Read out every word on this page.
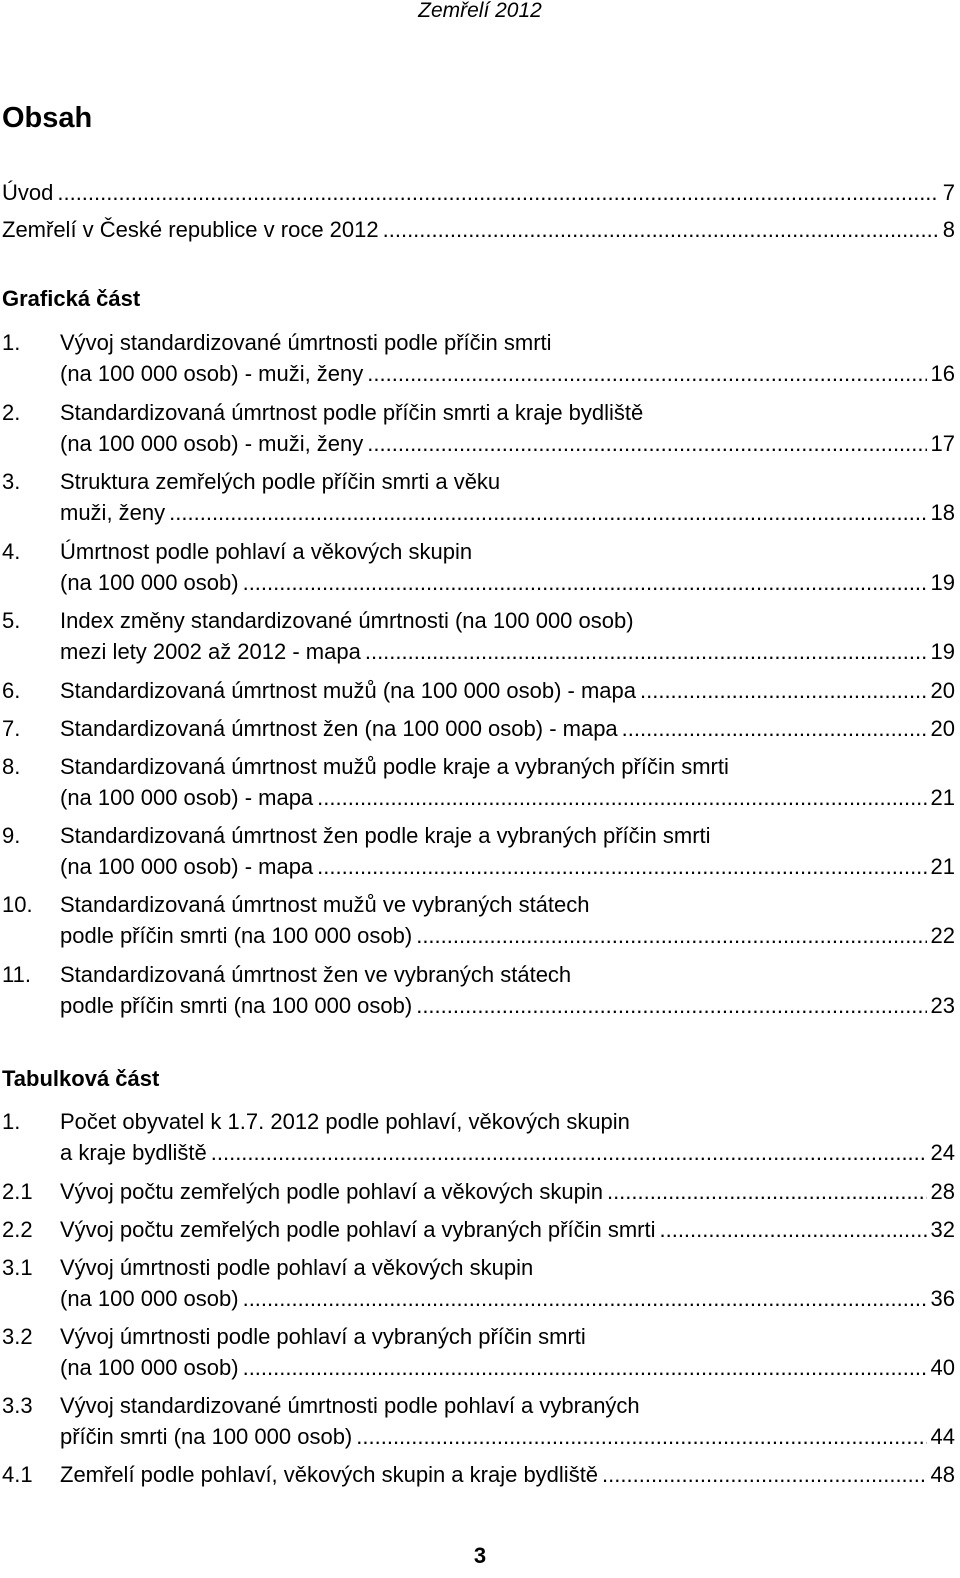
Zemřelí 2012
Obsah
Úvod .....	7
Zemřelí v České republice v roce 2012 .....	8
Grafická část
1. Vývoj standardizované úmrtnosti podle příčin smrti
(na 100 000 osob) - muži, ženy .....	16
2. Standardizovaná úmrtnost podle příčin smrti a kraje bydliště
(na 100 000 osob) - muži, ženy .....	17
3. Struktura zemřelých podle příčin smrti a věku
muži, ženy .....	18
4. Úmrtnost podle pohlaví a věkových skupin
(na 100 000 osob) .....	19
5. Index změny standardizované úmrtnosti (na 100 000 osob)
mezi lety 2002 až 2012 - mapa .....	19
6. Standardizovaná úmrtnost mužů (na 100 000 osob) - mapa .....	20
7. Standardizovaná úmrtnost žen (na 100 000 osob) - mapa .....	20
8. Standardizovaná úmrtnost mužů podle kraje a vybraných příčin smrti
(na 100 000 osob) - mapa .....	21
9. Standardizovaná úmrtnost žen podle kraje a vybraných příčin smrti
(na 100 000 osob) - mapa .....	21
10. Standardizovaná úmrtnost mužů ve vybraných státech
podle příčin smrti (na 100 000 osob) .....	22
11. Standardizovaná úmrtnost žen ve vybraných státech
podle příčin smrti (na 100 000 osob) .....	23
Tabulková část
1. Počet obyvatel k 1.7. 2012 podle pohlaví, věkových skupin
a kraje bydliště .....	24
2.1 Vývoj počtu zemřelých podle pohlaví a věkových skupin .....	28
2.2 Vývoj počtu zemřelých podle pohlaví a vybraných příčin smrti .....	32
3.1 Vývoj úmrtnosti podle pohlaví a věkových skupin
(na 100 000 osob) .....	36
3.2 Vývoj úmrtnosti podle pohlaví a vybraných příčin smrti
(na 100 000 osob) .....	40
3.3 Vývoj standardizované úmrtnosti podle pohlaví a vybraných
příčin smrti (na 100 000 osob) .....	44
4.1 Zemřelí podle pohlaví, věkových skupin a kraje bydliště .....	48
3
